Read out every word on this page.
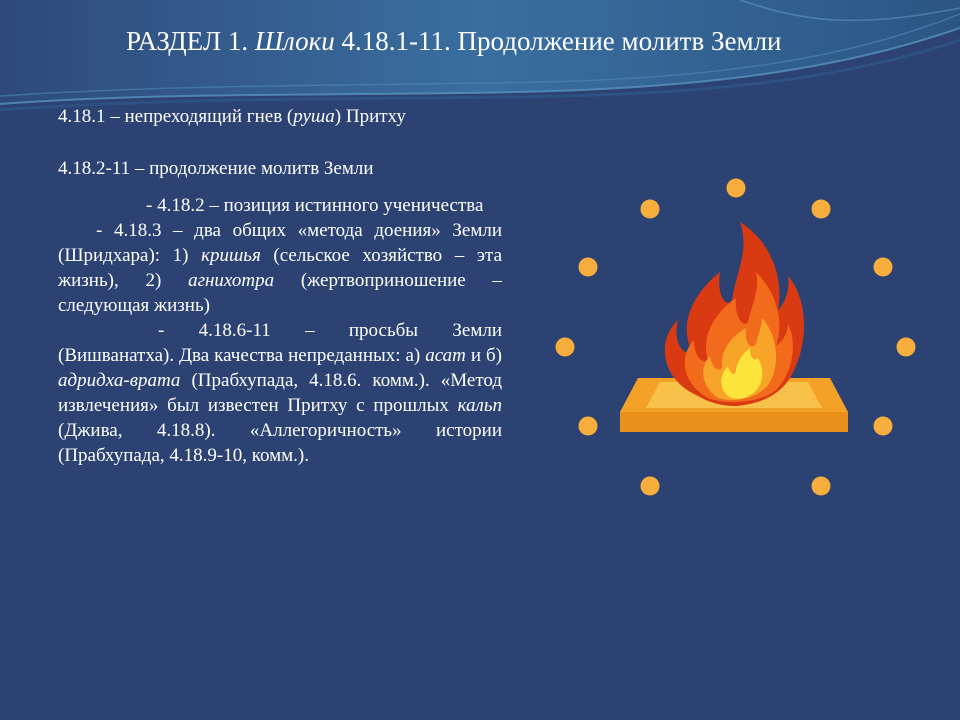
РАЗДЕЛ 1. Шлоки 4.18.1-11. Продолжение молитв Земли

4.18.1 – непреходящий гнев (руша) Притху

4.18.2-11 – продолжение молитв Земли

- 4.18.2 – позиция истинного ученичества

- 4.18.3 – два общих «метода доения» Земли (Шридхара): 1) кришья (сельское хозяйство – эта жизнь), 2) агнихотра (жертвоприношение – следующая жизнь)

- 4.18.6-11 – просьбы Земли (Вишванатха). Два качества непреданных: а) асат и б) адридха-врата (Прабхупада, 4.18.6. комм.). «Метод извлечения» был известен Притху с прошлых кальп (Джива, 4.18.8). «Аллегоричность» истории (Прабхупада, 4.18.9-10, комм.).
